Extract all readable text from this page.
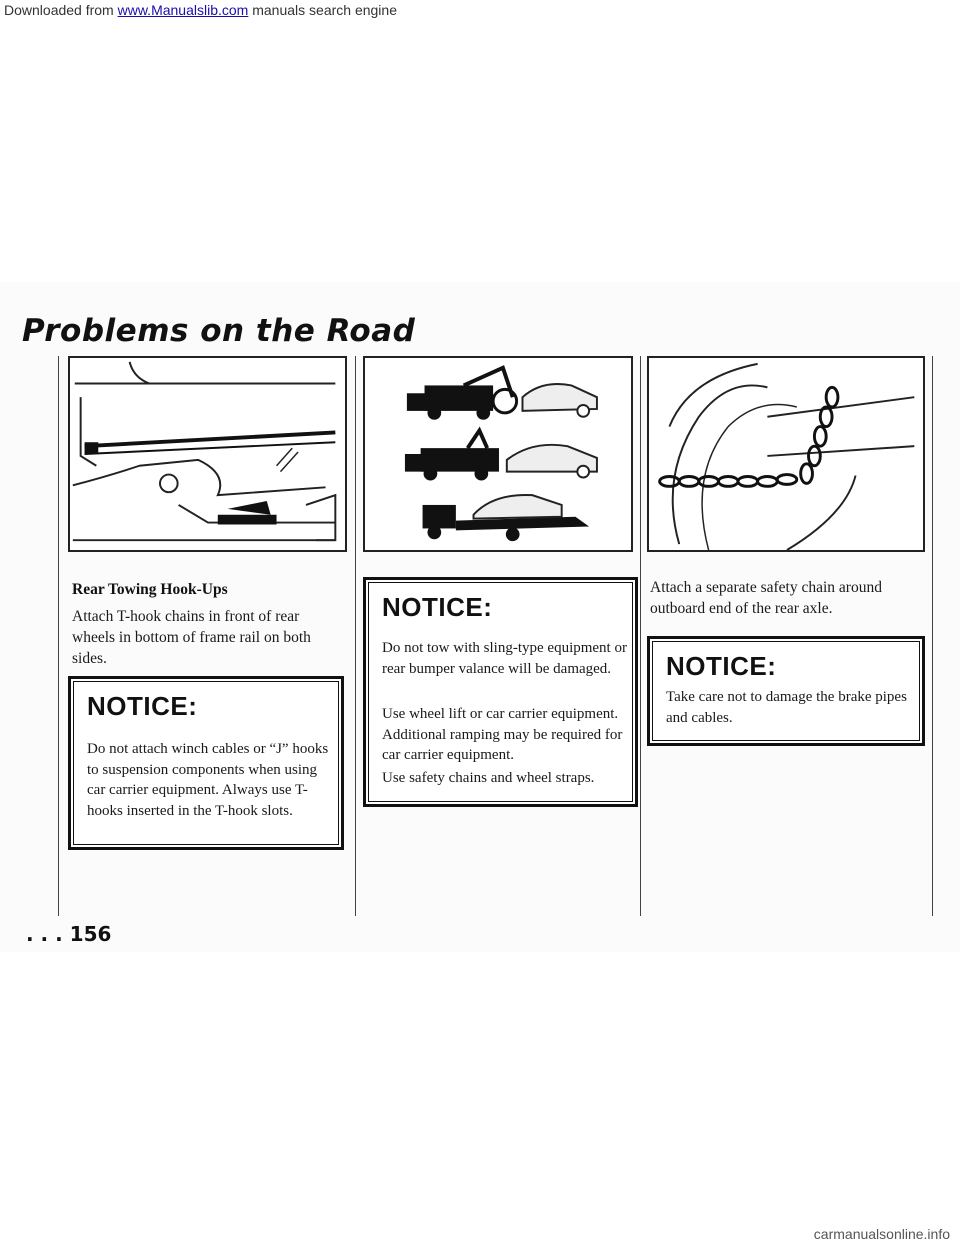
Downloaded from www.Manualslib.com manuals search engine
Problems on the Road
Rear Towing Hook-Ups

Attach T-hook chains in front of rear wheels in bottom of frame rail on both sides.

NOTICE:

Do not attach winch cables or “J” hooks to suspension components when using car carrier equipment. Always use T-hooks inserted in the T-hook slots.

NOTICE:

Do not tow with sling-type equipment or rear bumper valance will be damaged.

Use wheel lift or car carrier equipment. Additional ramping may be required for car carrier equipment.

Use safety chains and wheel straps.

Attach a separate safety chain around outboard end of the rear axle.

NOTICE:

Take care not to damage the brake pipes and cables.

. . . 156
carmanualsonline.info
